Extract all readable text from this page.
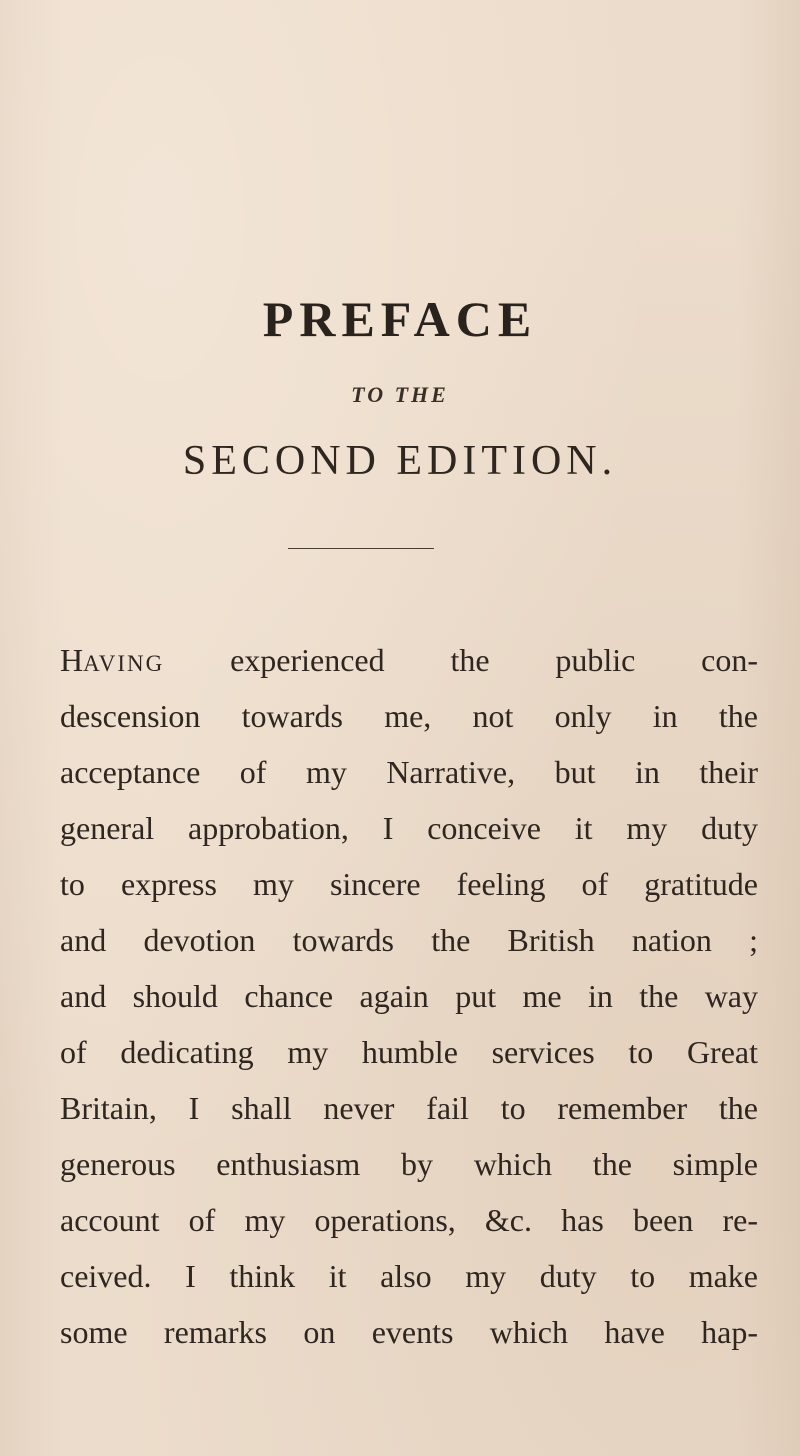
PREFACE
TO THE
SECOND EDITION.
HAVING experienced the public con-
descension towards me, not only in the
acceptance of my Narrative, but in their
general approbation, I conceive it my duty
to express my sincere feeling of gratitude
and devotion towards the British nation ;
and should chance again put me in the way
of dedicating my humble services to Great
Britain, I shall never fail to remember the
generous enthusiasm by which the simple
account of my operations, &c. has been re-
ceived. I think it also my duty to make
some remarks on events which have hap-
